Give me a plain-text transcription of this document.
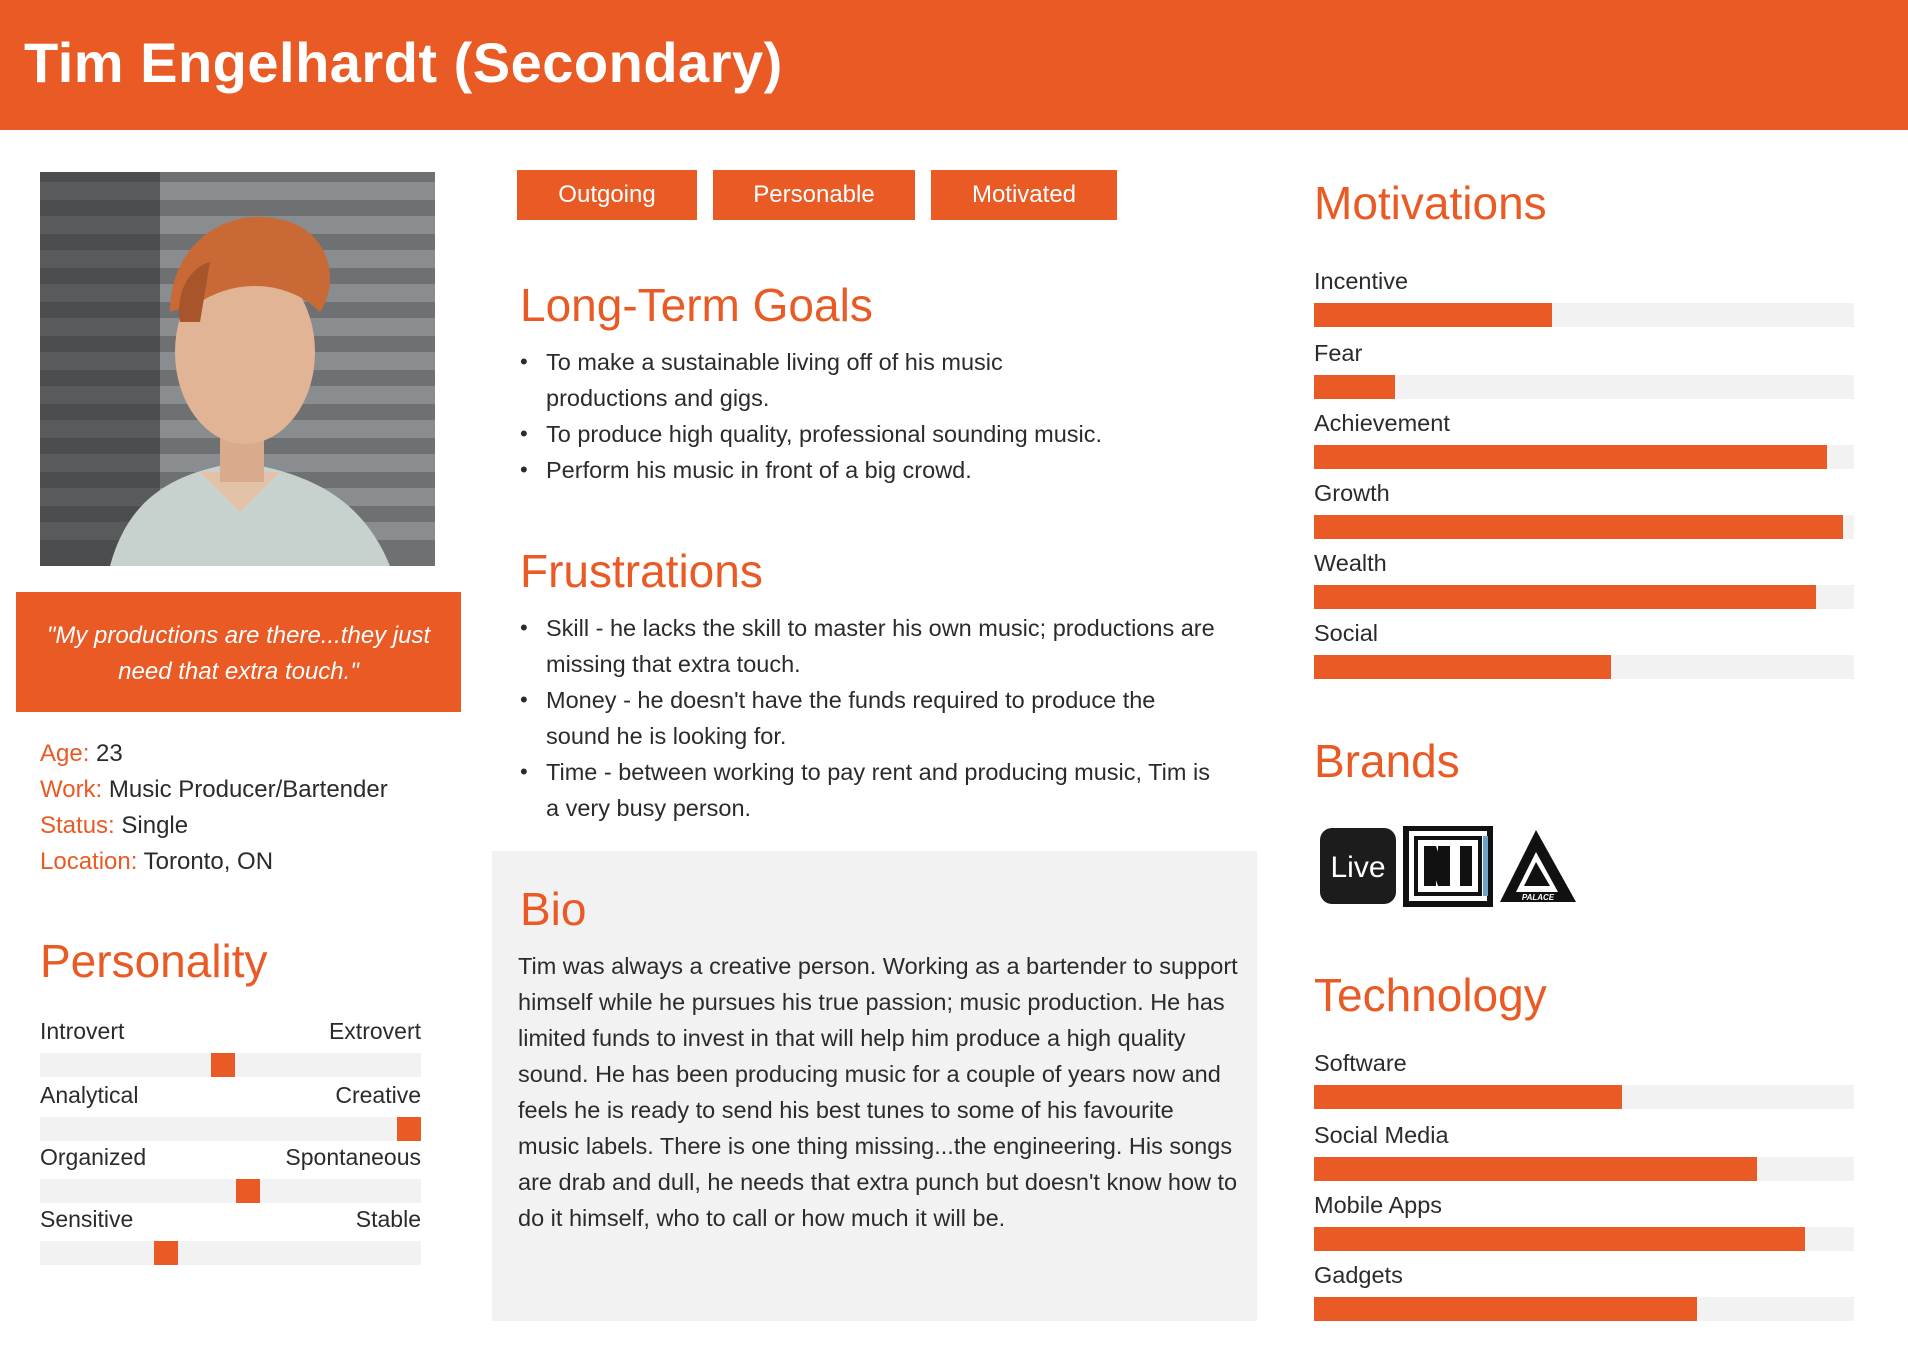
Tim Engelhardt (Secondary)
"My productions are there...they just need that extra touch."
Age: 23
Work: Music Producer/Bartender
Status: Single
Location: Toronto, ON
Personality
Introvert	Extrovert
Analytical	Creative
Organized	Spontaneous
Sensitive	Stable
Outgoing	Personable	Motivated
Long-Term Goals
• To make a sustainable living off of his music productions and gigs.
• To produce high quality, professional sounding music.
• Perform his music in front of a big crowd.
Frustrations
• Skill - he lacks the skill to master his own music; productions are missing that extra touch.
• Money - he doesn't have the funds required to produce the sound he is looking for.
• Time - between working to pay rent and producing music, Tim is a very busy person.
Bio
Tim was always a creative person. Working as a bartender to support himself while he pursues his true passion; music production. He has limited funds to invest in that will help him produce a high quality sound. He has been producing music for a couple of years now and feels he is ready to send his best tunes to some of his favourite music labels. There is one thing missing...the engineering. His songs are drab and dull, he needs that extra punch but doesn't know how to do it himself, who to call or how much it will be.
Motivations
Incentive
Fear
Achievement
Growth
Wealth
Social
Brands
Live
PALACE
Technology
Software
Social Media
Mobile Apps
Gadgets
